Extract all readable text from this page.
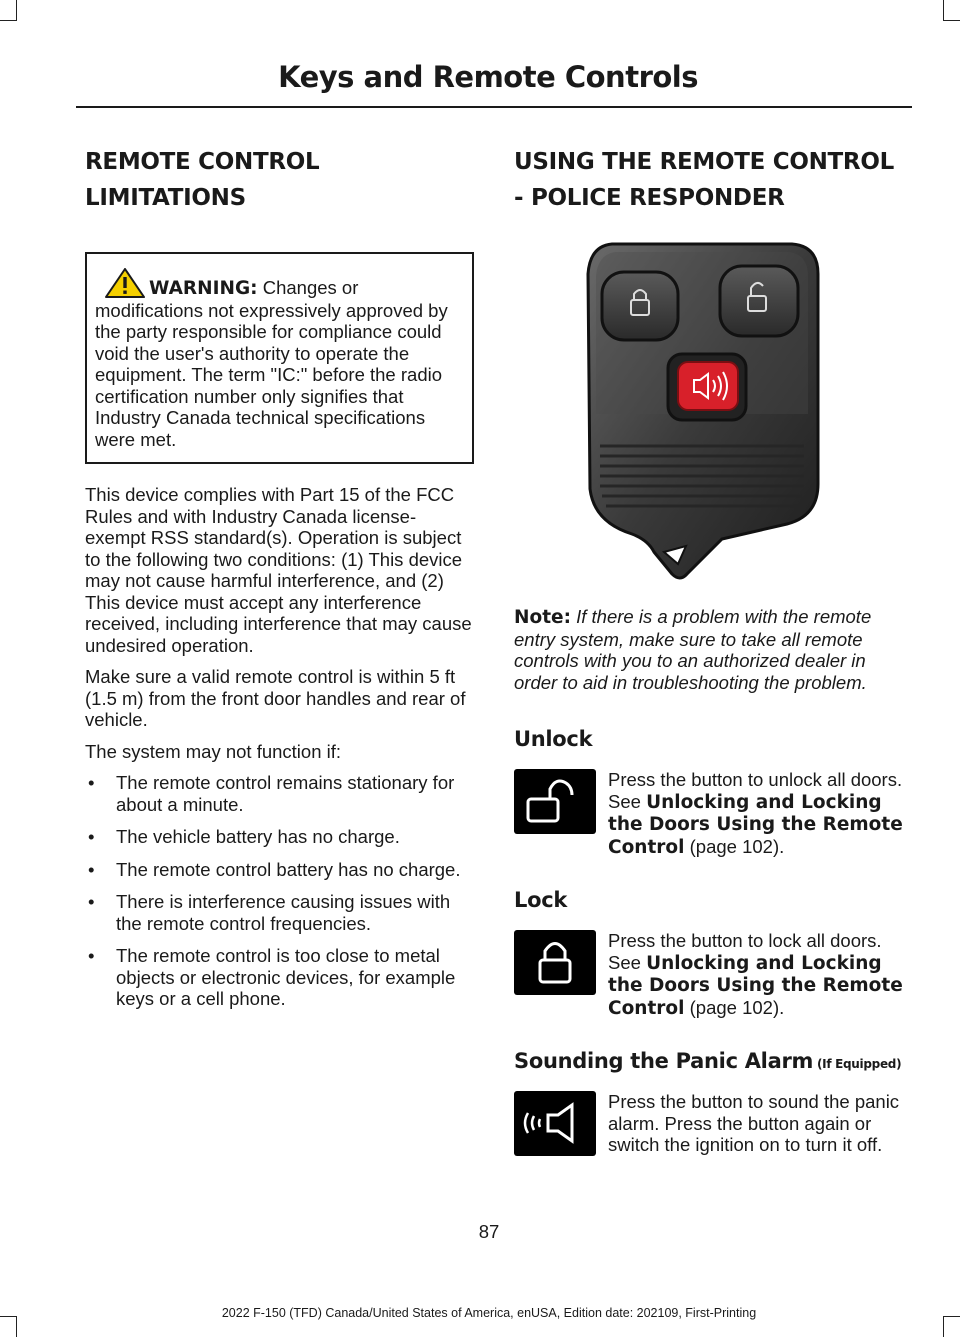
Keys and Remote Controls
REMOTE CONTROL
LIMITATIONS

WARNING: Changes or modifications not expressively approved by the party responsible for compliance could void the user's authority to operate the equipment. The term "IC:" before the radio certification number only signifies that Industry Canada technical specifications were met.

This device complies with Part 15 of the FCC Rules and with Industry Canada license-exempt RSS standard(s). Operation is subject to the following two conditions: (1) This device may not cause harmful interference, and (2) This device must accept any interference received, including interference that may cause undesired operation.

Make sure a valid remote control is within 5 ft (1.5 m) from the front door handles and rear of vehicle.

The system may not function if:

• The remote control remains stationary for about a minute.
• The vehicle battery has no charge.
• The remote control battery has no charge.
• There is interference causing issues with the remote control frequencies.
• The remote control is too close to metal objects or electronic devices, for example keys or a cell phone.
USING THE REMOTE CONTROL
- POLICE RESPONDER

Note: If there is a problem with the remote entry system, make sure to take all remote controls with you to an authorized dealer in order to aid in troubleshooting the problem.

Unlock

Press the button to unlock all doors. See Unlocking and Locking the Doors Using the Remote Control (page 102).

Lock

Press the button to lock all doors. See Unlocking and Locking the Doors Using the Remote Control (page 102).

Sounding the Panic Alarm (If Equipped)

Press the button to sound the panic alarm. Press the button again or switch the ignition on to turn it off.

87
2022 F-150 (TFD) Canada/United States of America, enUSA, Edition date: 202109, First-Printing
